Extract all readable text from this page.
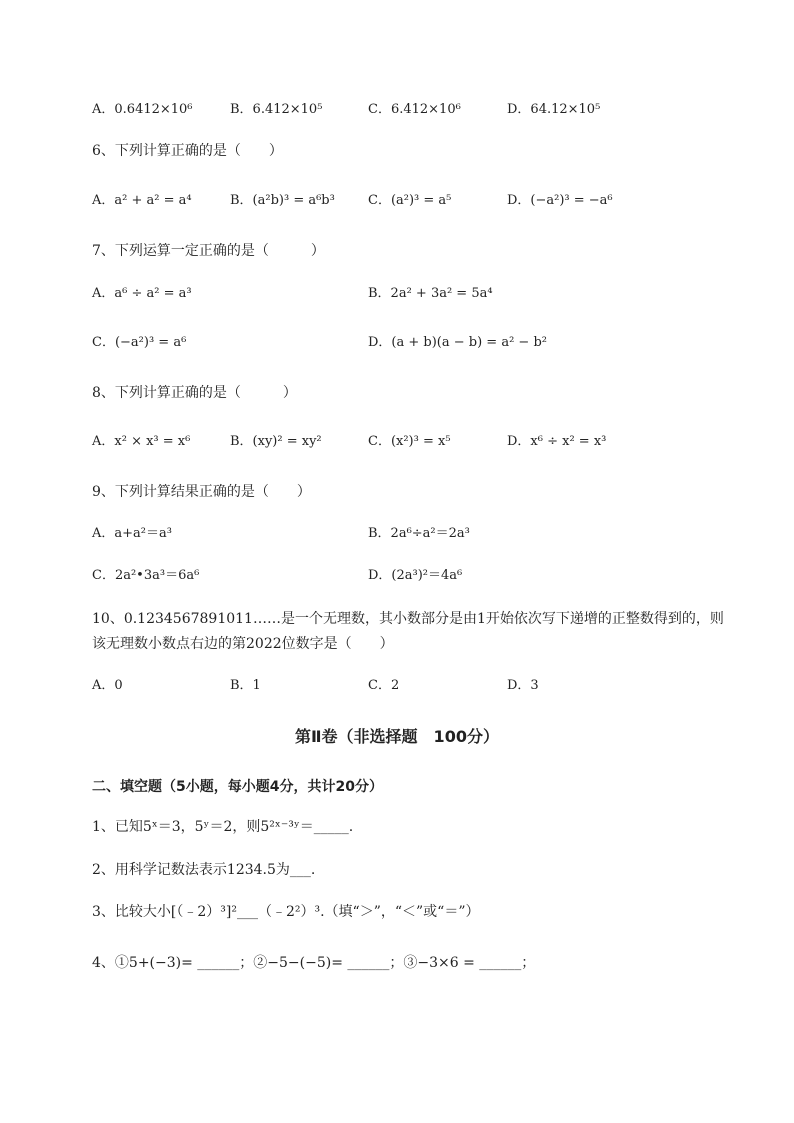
A．0.6412×10⁶	B．6.412×10⁵	C．6.412×10⁶	D．64.12×10⁵
6、下列计算正确的是（　　）
A．a² + a² = a⁴	B．(a²b)³ = a⁶b³	C．(a²)³ = a⁵	D．(−a²)³ = −a⁶
7、下列运算一定正确的是（　　　）
A．a⁶ ÷ a² = a³	B．2a² + 3a² = 5a⁴
C．(−a²)³ = a⁶	D．(a + b)(a − b) = a² − b²
8、下列计算正确的是（　　　）
A．x² × x³ = x⁶	B．(xy)² = xy²	C．(x²)³ = x⁵	D．x⁶ ÷ x² = x³
9、下列计算结果正确的是（　　）
A．a+a²＝a³	B．2a⁶÷a²＝2a³
C．2a²•3a³＝6a⁶	D．(2a³)²＝4a⁶
10、0.1234567891011……是一个无理数，其小数部分是由1开始依次写下递增的正整数得到的，则该无理数小数点右边的第2022位数字是（　　）
A．0	B．1	C．2	D．3
第Ⅱ卷（非选择题　100分）
二、填空题（5小题，每小题4分，共计20分）
1、已知5ˣ＝3，5ʸ＝2，则5²ˣ⁻³ʸ＝_____.
2、用科学记数法表示1234.5为___.
3、比较大小[（﹣2）³]²___（﹣2²）³.（填“＞”，“＜”或“＝”）
4、①5+(−3)= ______；②−5−(−5)= ______；③−3×6 = ______；
